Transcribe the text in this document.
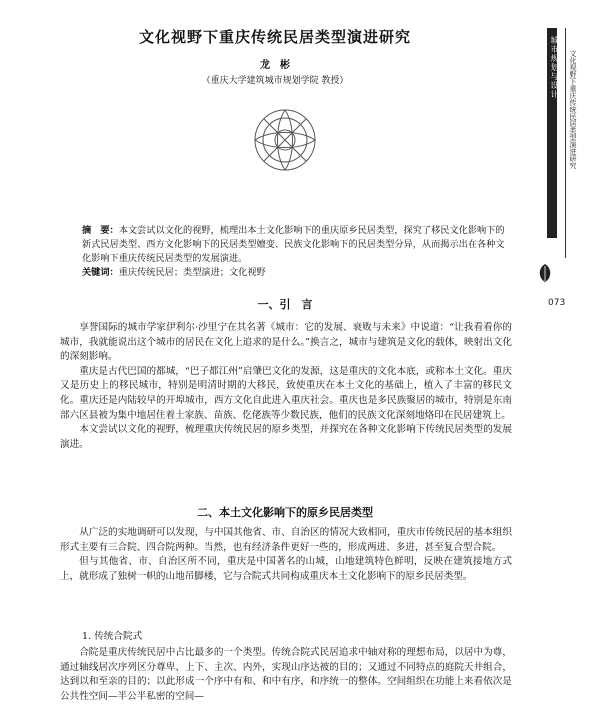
文化视野下重庆传统民居类型演进研究
龙　彬
（重庆大学建筑城市规划学院 教授）

摘　要：本文尝试以文化的视野，梳理出本土文化影响下的重庆原乡民居类型，探究了移民文化影响下的新式民居类型、西方文化影响下的民居类型嬗变、民族文化影响下的民居类型分异，从而揭示出在各种文化影响下重庆传统民居类型的发展演进。

关键词：重庆传统民居；类型演进；文化视野

一、引　言

享誉国际的城市学家伊利尔·沙里宁在其名著《城市：它的发展、衰败与未来》中说道：“让我看看你的城市，我就能说出这个城市的居民在文化上追求的是什么。”换言之，城市与建筑是文化的载体，映射出文化的深刻影响。

重庆是古代巴国的都城，“巴子都江州”启肇巴文化的发源，这是重庆的文化本底，或称本土文化。重庆又是历史上的移民城市，特别是明清时期的大移民，致使重庆在本土文化的基础上，植入了丰富的移民文化。重庆还是内陆较早的开埠城市，西方文化自此进入重庆社会。重庆也是多民族聚居的城市，特别是东南部六区县被为集中地居住着土家族、苗族、仡佬族等少数民族，他们的民族文化深刻地烙印在民居建筑上。

本文尝试以文化的视野，梳理重庆传统民居的原乡类型，并探究在各种文化影响下传统民居类型的发展演进。

二、本土文化影响下的原乡民居类型

从广泛的实地调研可以发现，与中国其他省、市、自治区的情况大致相同，重庆市传统民居的基本组织形式主要有三合院、四合院两种。当然，也有经济条件更好一些的，形成两进、多进，甚至复合型合院。

但与其他省、市、自治区所不同，重庆是中国著名的山城，山地建筑特色鲜明，反映在建筑接地方式上，就形成了独树一帜的山地吊脚楼，它与合院式共同构成重庆本土文化影响下的原乡民居类型。

1. 传统合院式

合院是重庆传统民居中占比最多的一个类型。传统合院式民居追求中轴对称的理想布局，以居中为尊，通过轴线居次序列区分尊卑、上下、主次、内外，实现山序达被的目的；又通过不同特点的庭院天井组合，达到以和至亲的目的；以此形成一个序中有和、和中有序，和序统一的整体。空间组织在功能上来看依次是公共性空间—半公半私密的空间—

城市规划与设计 文化视野下重庆传统民居类型演进研究
073
